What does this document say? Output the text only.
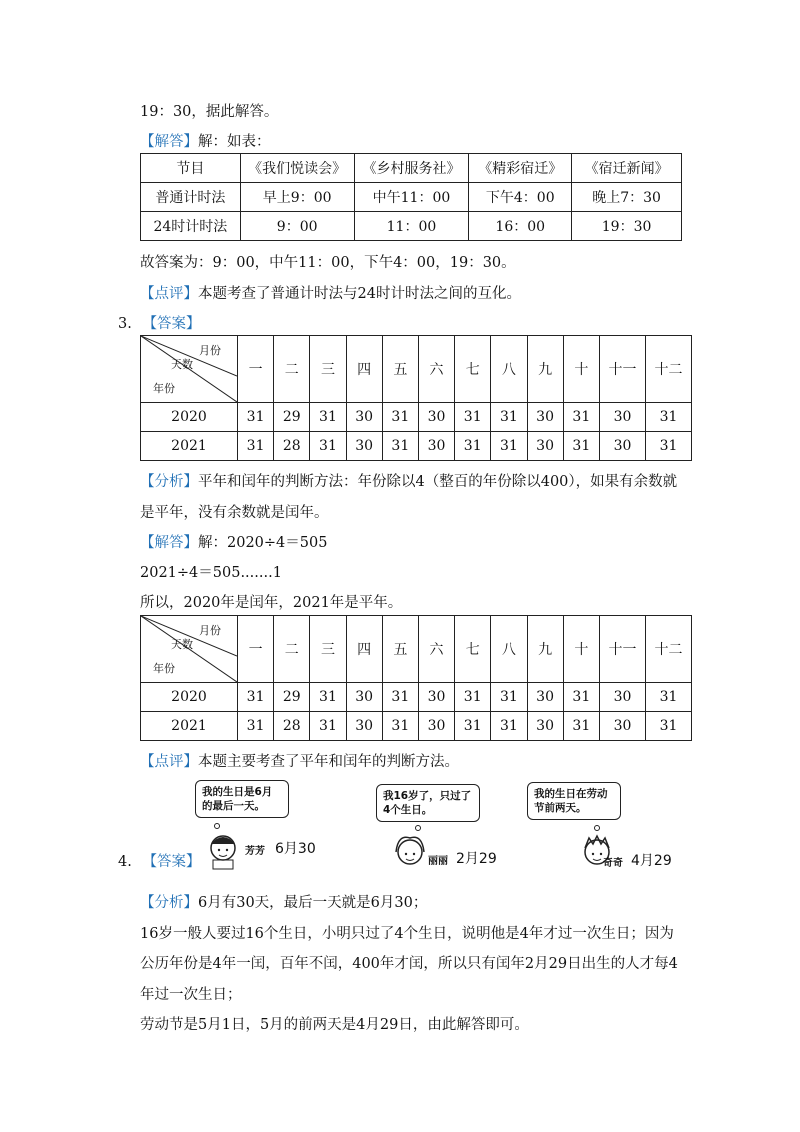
19：30，据此解答。
【解答】解：如表：
节目	《我们悦读会》	《乡村服务社》	《精彩宿迁》	《宿迁新闻》
普通计时法	早上9：00	中午11：00	下午4：00	晚上7：30
24时计时法	9：00	11：00	16：00	19：30
故答案为：9：00，中午11：00，下午4：00，19：30。
【点评】本题考查了普通计时法与24时计时法之间的互化。
3. 【答案】
月份
天数
年份	一	二	三	四	五	六	七	八	九	十	十一	十二
2020	31	29	31	30	31	30	31	31	30	31	30	31
2021	31	28	31	30	31	30	31	31	30	31	30	31
【分析】平年和闰年的判断方法：年份除以4（整百的年份除以400），如果有余数就
是平年，没有余数就是闰年。
【解答】解：2020÷4＝505
2021÷4＝505.......1
所以，2020年是闰年，2021年是平年。
月份
天数
年份	一	二	三	四	五	六	七	八	九	十	十一	十二
2020	31	29	31	30	31	30	31	31	30	31	30	31
2021	31	28	31	30	31	30	31	31	30	31	30	31
【点评】本题主要考查了平年和闰年的判断方法。
我的生日是6月的最后一天。
芳芳 6月30
我16岁了，只过了4个生日。
丽丽 2月29
我的生日在劳动节前两天。
奇奇 4月29
4. 【答案】
【分析】6月有30天，最后一天就是6月30；
16岁一般人要过16个生日，小明只过了4个生日，说明他是4年才过一次生日；因为
公历年份是4年一闰，百年不闰，400年才闰，所以只有闰年2月29日出生的人才每4
年过一次生日；
劳动节是5月1日，5月的前两天是4月29日，由此解答即可。
